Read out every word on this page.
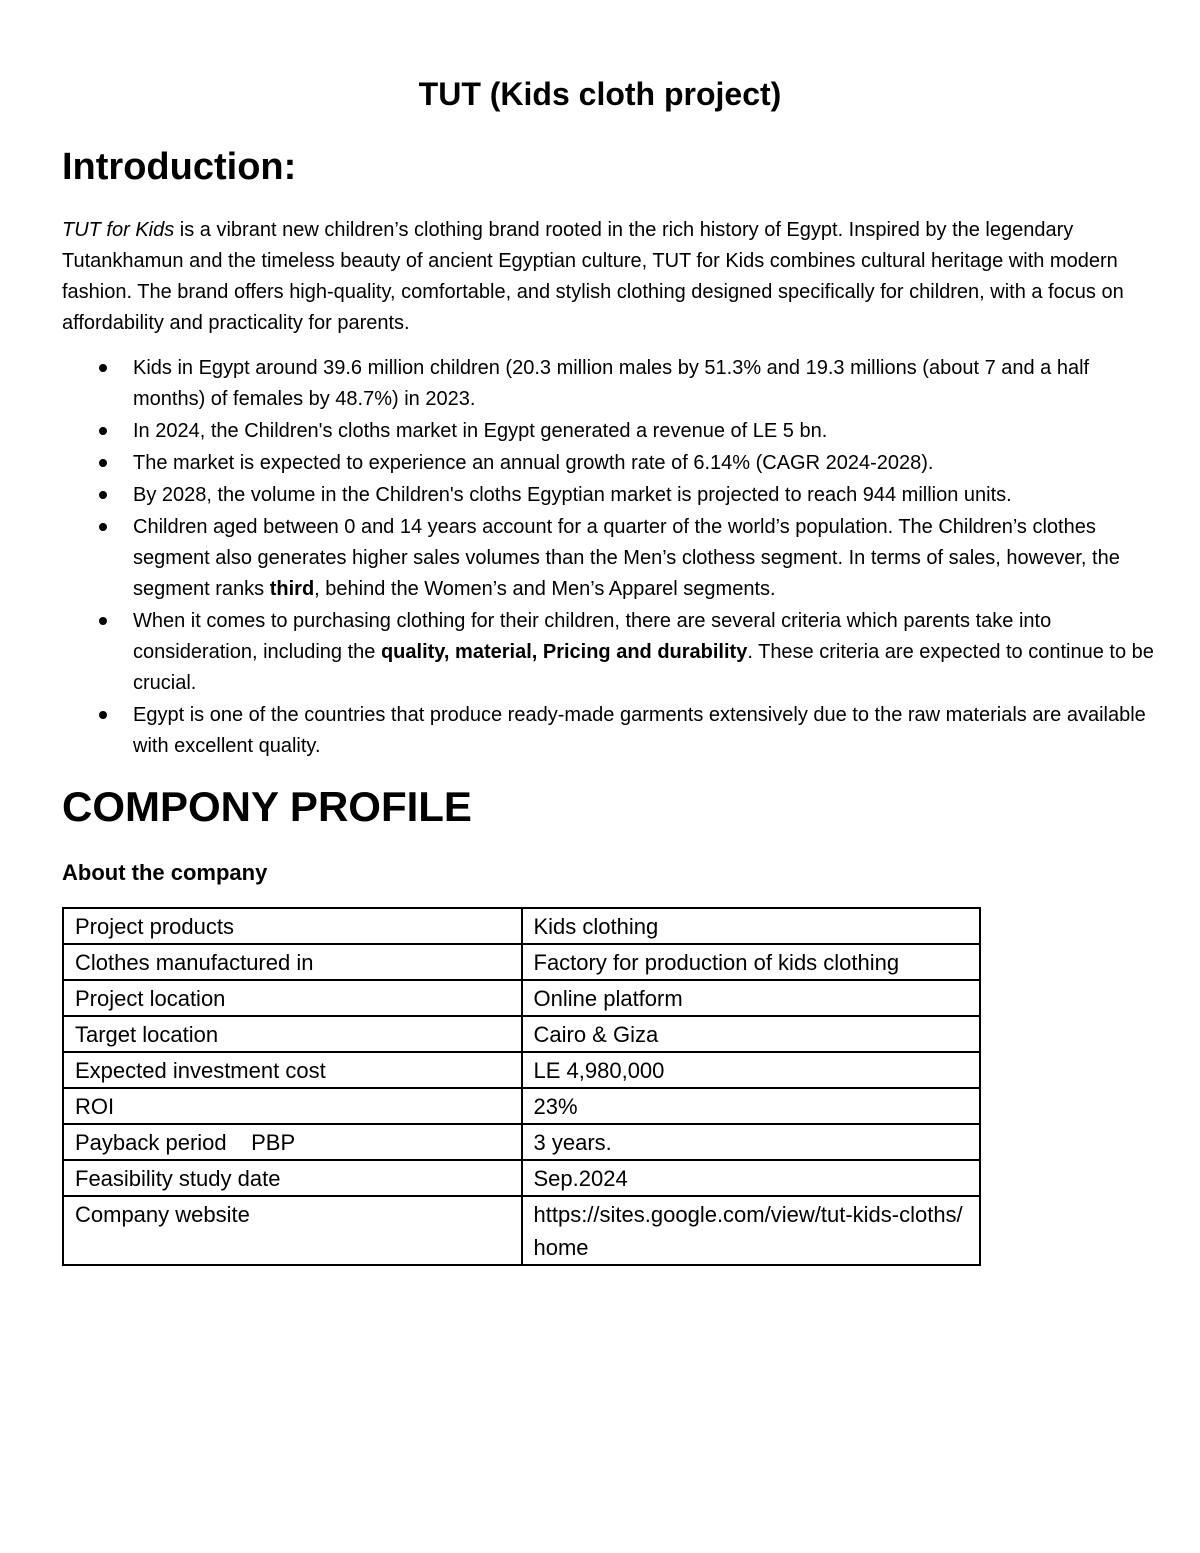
TUT (Kids cloth project)
Introduction:

TUT for Kids is a vibrant new children’s clothing brand rooted in the rich history of Egypt. Inspired by the legendary Tutankhamun and the timeless beauty of ancient Egyptian culture, TUT for Kids combines cultural heritage with modern fashion. The brand offers high-quality, comfortable, and stylish clothing designed specifically for children, with a focus on affordability and practicality for parents.

Kids in Egypt around 39.6 million children (20.3 million males by 51.3% and 19.3 millions (about 7 and a half months) of females by 48.7%) in 2023.
In 2024, the Children's cloths market in Egypt generated a revenue of LE 5 bn.
The market is expected to experience an annual growth rate of 6.14% (CAGR 2024-2028).
By 2028, the volume in the Children's cloths Egyptian market is projected to reach 944 million units.
Children aged between 0 and 14 years account for a quarter of the world’s population. The Children’s clothes segment also generates higher sales volumes than the Men’s clothess segment. In terms of sales, however, the segment ranks third, behind the Women’s and Men’s Apparel segments.
When it comes to purchasing clothing for their children, there are several criteria which parents take into consideration, including the quality, material, Pricing and durability. These criteria are expected to continue to be crucial.
Egypt is one of the countries that produce ready-made garments extensively due to the raw materials are available with excellent quality.
COMPONY PROFILE
About the company
Project products	Kids clothing
Clothes manufactured in	Factory for production of kids clothing
Project location	Online platform
Target location	Cairo & Giza
Expected investment cost	LE 4,980,000
ROI	23%
Payback period    PBP	3 years.
Feasibility study date	Sep.2024
Company website	https://sites.google.com/view/tut-kids-cloths/home
